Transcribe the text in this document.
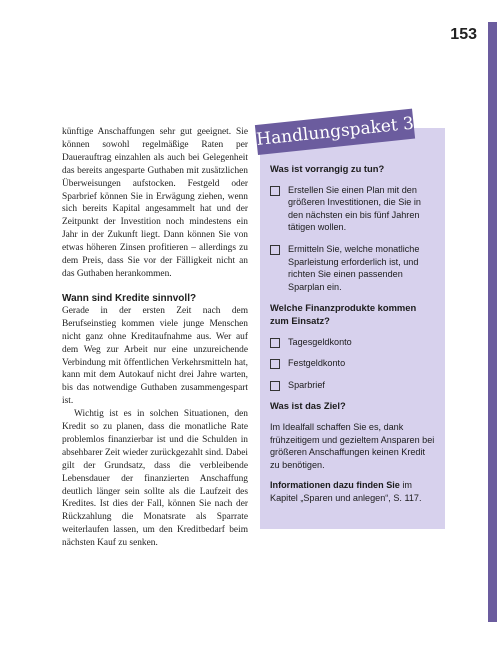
153

künftige Anschaffungen sehr gut geeignet. Sie können sowohl regelmäßige Raten per Dauerauftrag einzahlen als auch bei Gelegenheit das bereits angesparte Guthaben mit zusätzlichen Überweisungen aufstocken. Festgeld oder Sparbrief können Sie in Erwägung ziehen, wenn sich bereits Kapital angesammelt hat und der Zeitpunkt der Investition noch mindestens ein Jahr in der Zukunft liegt. Dann können Sie von etwas höheren Zinsen profitieren – allerdings zu dem Preis, dass Sie vor der Fälligkeit nicht an das Guthaben herankommen.

Wann sind Kredite sinnvoll?

Gerade in der ersten Zeit nach dem Berufseinstieg kommen viele junge Menschen nicht ganz ohne Kreditaufnahme aus. Wer auf dem Weg zur Arbeit nur eine unzureichende Verbindung mit öffentlichen Verkehrsmitteln hat, kann mit dem Autokauf nicht drei Jahre warten, bis das notwendige Guthaben zusammengespart ist.

Wichtig ist es in solchen Situationen, den Kredit so zu planen, dass die monatliche Rate problemlos finanzierbar ist und die Schulden in absehbarer Zeit wieder zurückgezahlt sind. Dabei gilt der Grundsatz, dass die verbleibende Lebensdauer der finanzierten Anschaffung deutlich länger sein sollte als die Laufzeit des Kredites. Ist dies der Fall, können Sie nach der Rückzahlung die Monatsrate als Sparrate weiterlaufen lassen, um den Kreditbedarf beim nächsten Kauf zu senken.

Handlungspaket 3
Was ist vorrangig zu tun?
Erstellen Sie einen Plan mit den größeren Investitionen, die Sie in den nächsten ein bis fünf Jahren tätigen wollen.
Ermitteln Sie, welche monatliche Sparleistung erforderlich ist, und richten Sie einen passenden Sparplan ein.
Welche Finanzprodukte kommen zum Einsatz?
Tagesgeldkonto
Festgeldkonto
Sparbrief
Was ist das Ziel?

Im Idealfall schaffen Sie es, dank frühzeitigem und gezieltem Ansparen bei größeren Anschaffungen keinen Kredit zu benötigen.

Informationen dazu finden Sie im Kapitel „Sparen und anlegen“, S. 117.
